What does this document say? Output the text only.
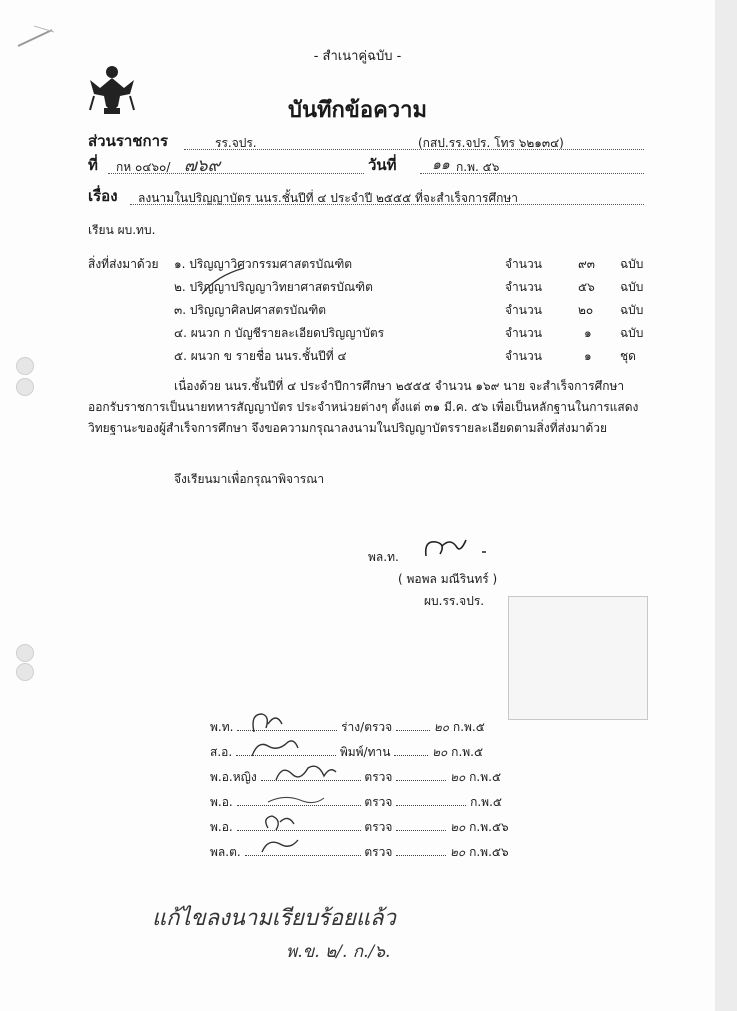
- สำเนาคู่ฉบับ -
บันทึกข้อความ
ส่วนราชการ	รร.จปร.	(กสป.รร.จปร. โทร ๖๒๑๓๔)
ที่ กห ๐๔๖๐/ ๗๖๙	วันที่	๑๑ ก.พ. ๕๖
เรื่อง ลงนามในปริญญาบัตร นนร.ชั้นปีที่ ๔ ประจำปี ๒๕๕๕ ที่จะสำเร็จการศึกษา
เรียน ผบ.ทบ.
สิ่งที่ส่งมาด้วย ๑. ปริญญาวิศวกรรมศาสตรบัณฑิต	จำนวน	๙๓ ฉบับ
๒. ปริญญาปริญญาวิทยาศาสตรบัณฑิต	จำนวน	๕๖ ฉบับ
๓. ปริญญาศิลปศาสตรบัณฑิต	จำนวน	๒๐ ฉบับ
๔. ผนวก ก บัญชีรายละเอียดปริญญาบัตร	จำนวน	๑ ฉบับ
๕. ผนวก ข รายชื่อ นนร.ชั้นปีที่ ๔	จำนวน	๑ ชุด
เนื่องด้วย นนร.ชั้นปีที่ ๔ ประจำปีการศึกษา ๒๕๕๕ จำนวน ๑๖๙ นาย จะสำเร็จการศึกษาออกรับราชการเป็นนายทหารสัญญาบัตร ประจำหน่วยต่างๆ ตั้งแต่ ๓๑ มี.ค. ๕๖ เพื่อเป็นหลักฐานในการแสดงวิทยฐานะของผู้สำเร็จการศึกษา จึงขอความกรุณาลงนามในปริญญาบัตรรายละเอียดตามสิ่งที่ส่งมาด้วย
จึงเรียนมาเพื่อกรุณาพิจารณา
พล.ท.
( พอพล มณีรินทร์ )
ผบ.รร.จปร.
พ.ท.	ร่าง/ตรวจ	๒๐ ก.พ.๕
ส.อ.	พิมพ์/ทาน	๒๐ ก.พ.๕
พ.อ.หญิง	ตรวจ	๒๐ ก.พ.๕
พ.อ.	ตรวจ	ก.พ.๕
พ.อ.	ตรวจ	๒๐ ก.พ.๕๖
พล.ต.	ตรวจ	๒๐ ก.พ.๕๖
แก้ไขลงนามเรียบร้อยแล้ว
พ.ข. ๒/. ก./๖.
